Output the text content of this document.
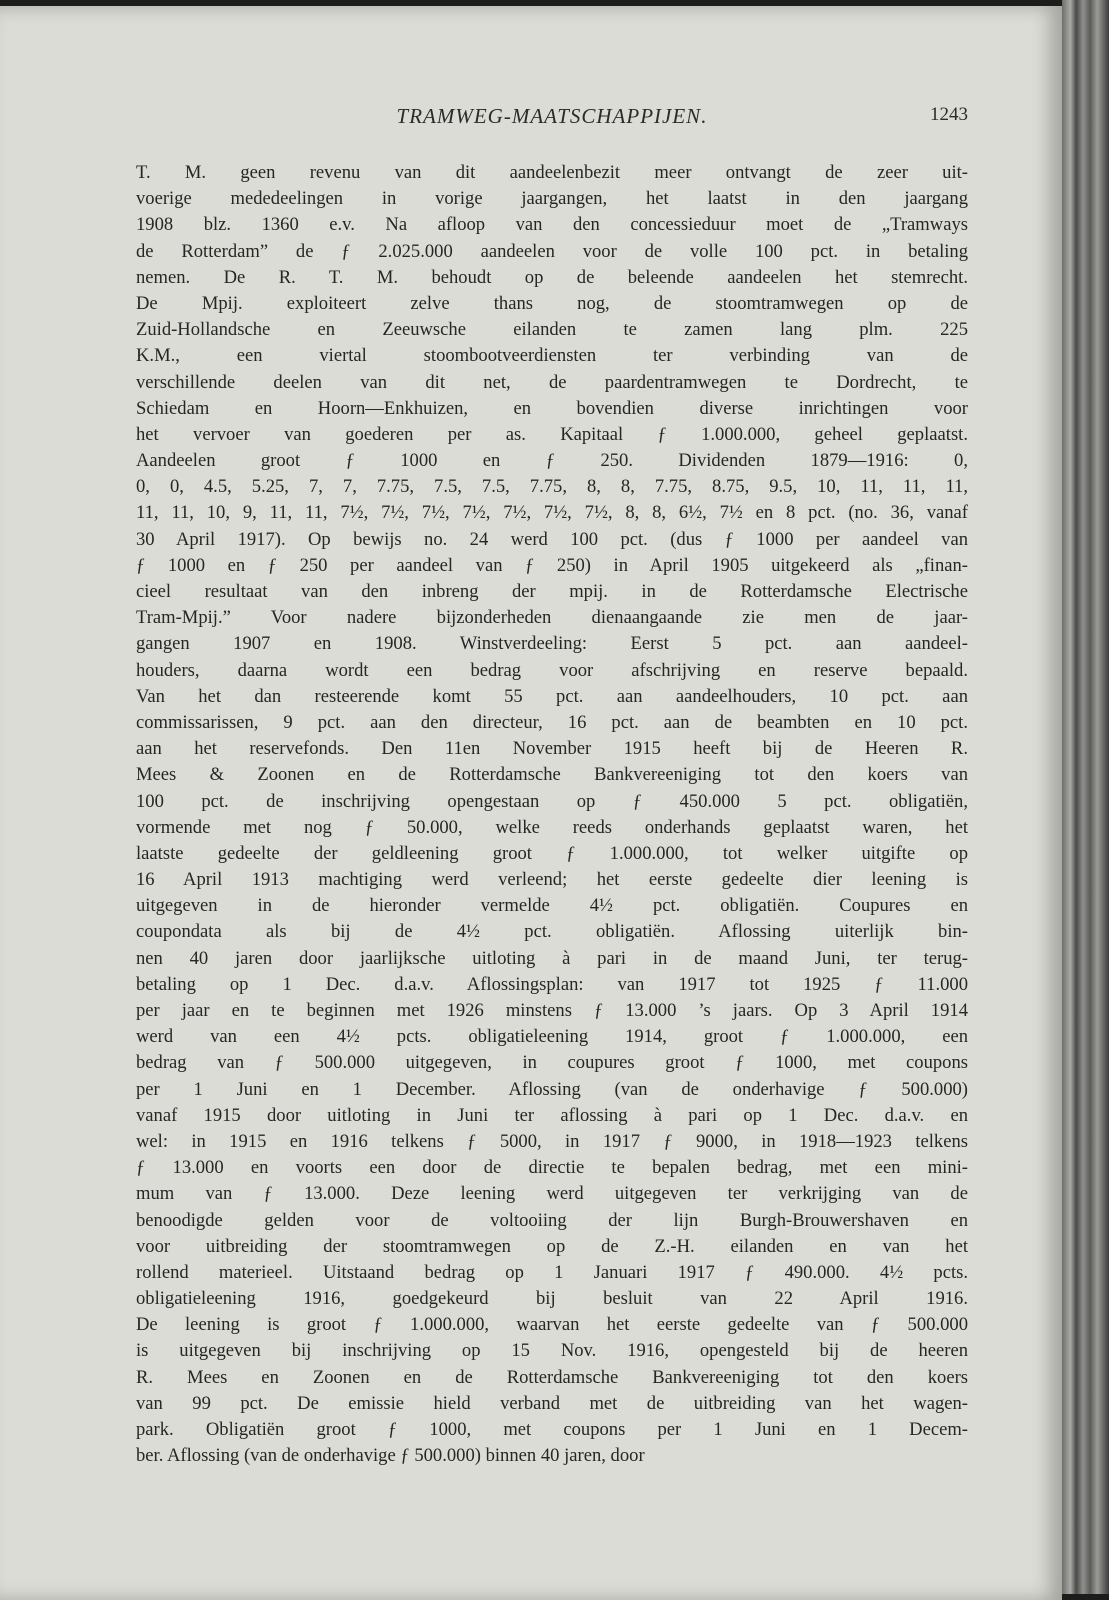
TRAMWEG-MAATSCHAPPIJEN.	1243
T. M. geen revenu van dit aandeelenbezit meer ontvangt de zeer uit-
voerige mededeelingen in vorige jaargangen, het laatst in den jaargang
1908 blz. 1360 e.v. Na afloop van den concessieduur moet de „Tramways
de Rotterdam” de ƒ 2.025.000 aandeelen voor de volle 100 pct. in betaling
nemen. De R. T. M. behoudt op de beleende aandeelen het stemrecht.
De Mpij. exploiteert zelve thans nog, de stoomtramwegen op de
Zuid-Hollandsche en Zeeuwsche eilanden te zamen lang plm. 225
K.M., een viertal stoombootveerdiensten ter verbinding van de
verschillende deelen van dit net, de paardentramwegen te Dordrecht, te
Schiedam en Hoorn—Enkhuizen, en bovendien diverse inrichtingen voor
het vervoer van goederen per as. Kapitaal ƒ 1.000.000, geheel geplaatst.
Aandeelen groot ƒ 1000 en ƒ 250. Dividenden 1879—1916: 0,
0, 0, 4.5, 5.25, 7, 7, 7.75, 7.5, 7.5, 7.75, 8, 8, 7.75, 8.75, 9.5, 10, 11, 11, 11,
11, 11, 10, 9, 11, 11, 7½, 7½, 7½, 7½, 7½, 7½, 7½, 8, 8, 6½, 7½ en 8 pct. (no. 36, vanaf
30 April 1917). Op bewijs no. 24 werd 100 pct. (dus ƒ 1000 per aandeel van
ƒ 1000 en ƒ 250 per aandeel van ƒ 250) in April 1905 uitgekeerd als „finan-
cieel resultaat van den inbreng der mpij. in de Rotterdamsche Electrische
Tram-Mpij.” Voor nadere bijzonderheden dienaangaande zie men de jaar-
gangen 1907 en 1908. Winstverdeeling: Eerst 5 pct. aan aandeel-
houders, daarna wordt een bedrag voor afschrijving en reserve bepaald.
Van het dan resteerende komt 55 pct. aan aandeelhouders, 10 pct. aan
commissarissen, 9 pct. aan den directeur, 16 pct. aan de beambten en 10 pct.
aan het reservefonds. Den 11en November 1915 heeft bij de Heeren R.
Mees & Zoonen en de Rotterdamsche Bankvereeniging tot den koers van
100 pct. de inschrijving opengestaan op ƒ 450.000 5 pct. obligatiën,
vormende met nog ƒ 50.000, welke reeds onderhands geplaatst waren, het
laatste gedeelte der geldleening groot ƒ 1.000.000, tot welker uitgifte op
16 April 1913 machtiging werd verleend; het eerste gedeelte dier leening is
uitgegeven in de hieronder vermelde 4½ pct. obligatiën. Coupures en
coupondata als bij de 4½ pct. obligatiën. Aflossing uiterlijk bin-
nen 40 jaren door jaarlijksche uitloting à pari in de maand Juni, ter terug-
betaling op 1 Dec. d.a.v. Aflossingsplan: van 1917 tot 1925 ƒ 11.000
per jaar en te beginnen met 1926 minstens ƒ 13.000 ’s jaars. Op 3 April 1914
werd van een 4½ pcts. obligatieleening 1914, groot ƒ 1.000.000, een
bedrag van ƒ 500.000 uitgegeven, in coupures groot ƒ 1000, met coupons
per 1 Juni en 1 December. Aflossing (van de onderhavige ƒ 500.000)
vanaf 1915 door uitloting in Juni ter aflossing à pari op 1 Dec. d.a.v. en
wel: in 1915 en 1916 telkens ƒ 5000, in 1917 ƒ 9000, in 1918—1923 telkens
ƒ 13.000 en voorts een door de directie te bepalen bedrag, met een mini-
mum van ƒ 13.000. Deze leening werd uitgegeven ter verkrijging van de
benoodigde gelden voor de voltooiing der lijn Burgh-Brouwershaven en
voor uitbreiding der stoomtramwegen op de Z.-H. eilanden en van het
rollend materieel. Uitstaand bedrag op 1 Januari 1917 ƒ 490.000. 4½ pcts.
obligatieleening 1916, goedgekeurd bij besluit van 22 April 1916.
De leening is groot ƒ 1.000.000, waarvan het eerste gedeelte van ƒ 500.000
is uitgegeven bij inschrijving op 15 Nov. 1916, opengesteld bij de heeren
R. Mees en Zoonen en de Rotterdamsche Bankvereeniging tot den koers
van 99 pct. De emissie hield verband met de uitbreiding van het wagen-
park. Obligatiën groot ƒ 1000, met coupons per 1 Juni en 1 Decem-
ber. Aflossing (van de onderhavige ƒ 500.000) binnen 40 jaren, door
